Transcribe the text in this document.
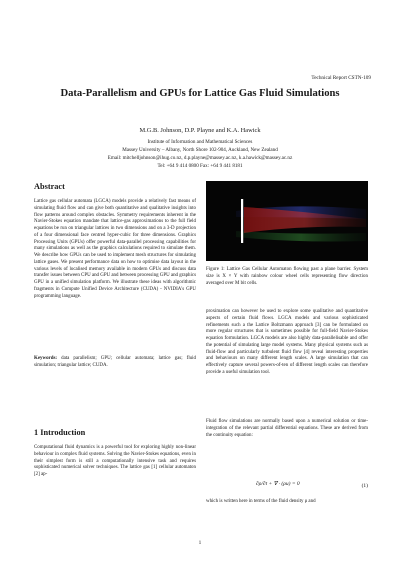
Technical Report CSTN-109
Data-Parallelism and GPUs for Lattice Gas Fluid Simulations
M.G.B. Johnson, D.P. Playne and K.A. Hawick
Institute of Information and Mathematical Sciences
Massey University – Albany, North Shore 102-904, Auckland, New Zealand
Email: mitchelljohnson@ihug.co.nz, d.p.playne@massey.ac.nz, k.a.hawick@massey.ac.nz
Tel: +64 9 414 0800 Fax: +64 9 441 8181
Abstract
Lattice gas cellular automata (LGCA) models provide a relatively fast means of simulating fluid flow and can give both quantitative and qualitative insights into flow patterns around complex obstacles. Symmetry requirements inherent in the Navier-Stokes equation mandate that lattice-gas approximations to the full field equations be run on triangular lattices in two dimensions and on a 3-D projection of a four dimensional face centred hyper-cubic for three dimensions. Graphics Processing Units (GPUs) offer powerful data-parallel processing capabilities for many simulations as well as the graphics calculations required to simulate them. We describe how GPUs can be used to implement mesh structures for simulating lattice gases. We present performance data on how to optimise data layout in the various levels of localised memory available in modern GPUs and discuss data transfer issues between CPU and GPU and between processing GPU and graphics GPU in a unified simulation platform. We illustrate these ideas with algorithmic fragments in Compute Unified Device Architecture (CUDA) - NVIDIA's GPU programming language.
Keywords: data parallelism; GPU; cellular automata; lattice gas; fluid simulation; triangular lattice; CUDA.
1 Introduction
Computational fluid dynamics is a powerful tool for exploring highly non-linear behaviour in complex fluid systems. Solving the Navier-Stokes equations, even in their simplest form is still a computationally intensive task and requires sophisticated numerical solver techniques. The lattice gas [1] cellular automaton [2] ap-
Figure 1: Lattice Gas Cellular Automaton flowing past a plane barrier. System size is X × Y with rainbow colour wheel cells representing flow direction averaged over M bit cells.
proximation can however be used to explore some qualitative and quantitative aspects of certain fluid flows. LGCA models and various sophisticated refinements such a the Lattice Boltzmann approach [3] can be formulated on more regular structures that is sometimes possible for full-field Navier-Stokes equation formulation. LGCA models are also highly data-parallelisable and offer the potential of simulating large model systems. Many physical systems such as fluid-flow and particularly turbulent fluid flow [4] reveal interesting properties and behaviours on many different length scales. A large simulation that can effectively capture several powers-of-ten of different length scales can therefore provide a useful simulation tool.
Fluid flow simulations are normally based upon a numerical solution or time-integration of the relevant partial differential equations. These are derived from the continuity equation:
∂ρ/∂t + ∇ · (ρu) = 0	(1)
which is written here in terms of the fluid density ρ and
1
